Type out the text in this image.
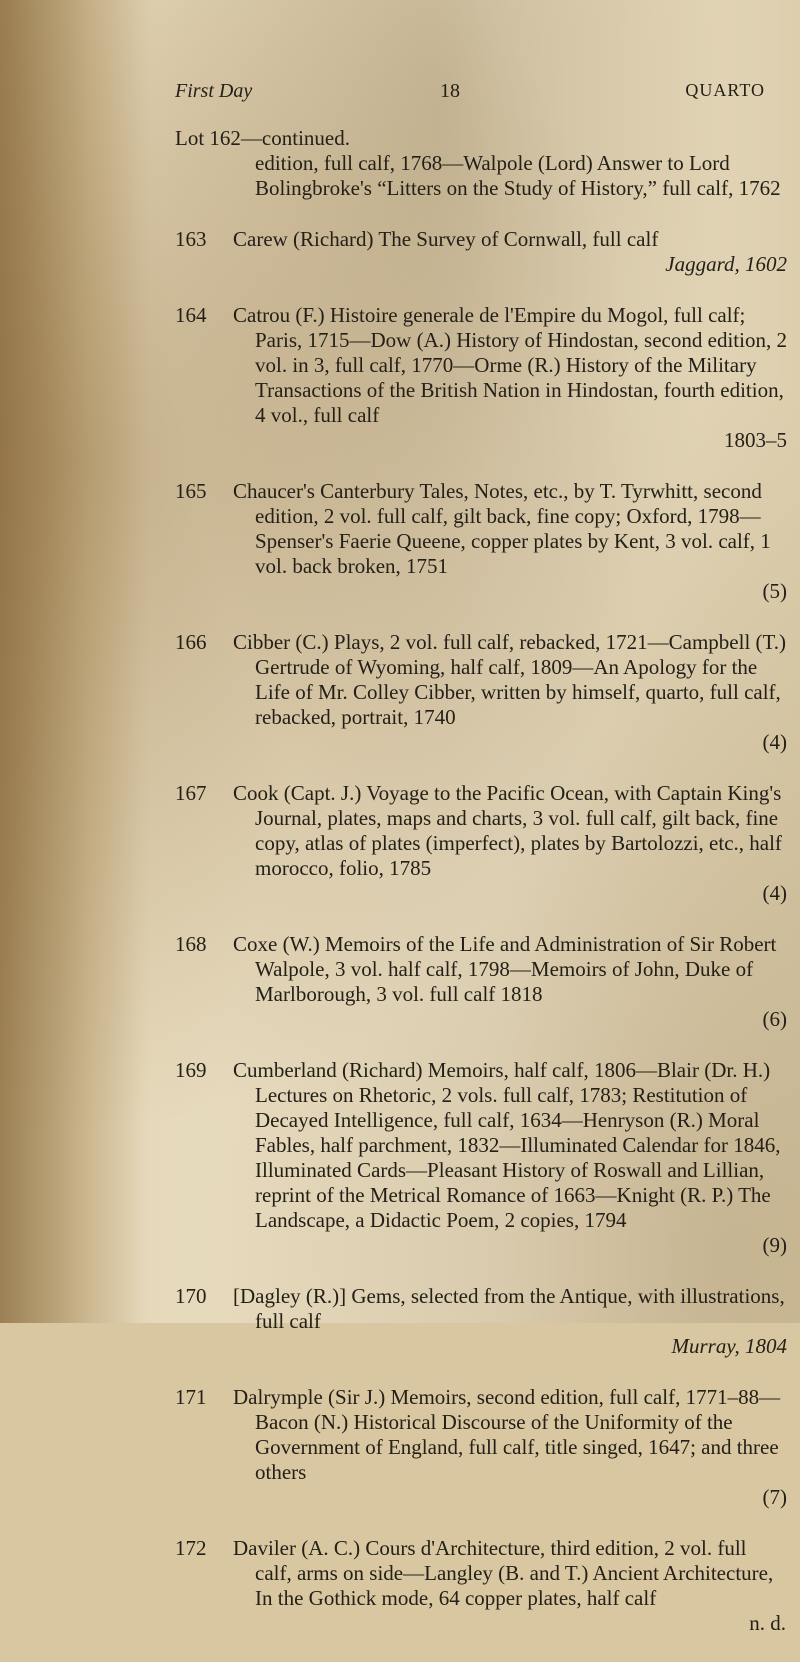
First Day	18	QUARTO
Lot 162—continued.
edition, full calf, 1768—Walpole (Lord) Answer to Lord Bolingbroke's “Litters on the Study of History,” full calf, 1762
163	Carew (Richard) The Survey of Cornwall, full calf
Jaggard, 1602
164	Catrou (F.) Histoire generale de l'Empire du Mogol, full calf; Paris, 1715—Dow (A.) History of Hindostan, second edition, 2 vol. in 3, full calf, 1770—Orme (R.) History of the Military Transactions of the British Nation in Hindostan, fourth edition, 4 vol., full calf
1803–5
165	Chaucer's Canterbury Tales, Notes, etc., by T. Tyrwhitt, second edition, 2 vol. full calf, gilt back, fine copy; Oxford, 1798—Spenser's Faerie Queene, copper plates by Kent, 3 vol. calf, 1 vol. back broken, 1751
(5)
166	Cibber (C.) Plays, 2 vol. full calf, rebacked, 1721—Campbell (T.) Gertrude of Wyoming, half calf, 1809—An Apology for the Life of Mr. Colley Cibber, written by himself, quarto, full calf, rebacked, portrait, 1740
(4)
167	Cook (Capt. J.) Voyage to the Pacific Ocean, with Captain King's Journal, plates, maps and charts, 3 vol. full calf, gilt back, fine copy, atlas of plates (imperfect), plates by Bartolozzi, etc., half morocco, folio, 1785
(4)
168	Coxe (W.) Memoirs of the Life and Administration of Sir Robert Walpole, 3 vol. half calf, 1798—Memoirs of John, Duke of Marlborough, 3 vol. full calf 1818
(6)
169	Cumberland (Richard) Memoirs, half calf, 1806—Blair (Dr. H.) Lectures on Rhetoric, 2 vols. full calf, 1783; Restitution of Decayed Intelligence, full calf, 1634—Henryson (R.) Moral Fables, half parchment, 1832—Illuminated Calendar for 1846, Illuminated Cards—Pleasant History of Roswall and Lillian, reprint of the Metrical Romance of 1663—Knight (R. P.) The Landscape, a Didactic Poem, 2 copies, 1794
(9)
170	[Dagley (R.)] Gems, selected from the Antique, with illustrations, full calf
Murray, 1804
171	Dalrymple (Sir J.) Memoirs, second edition, full calf, 1771–88—Bacon (N.) Historical Discourse of the Uniformity of the Government of England, full calf, title singed, 1647; and three others
(7)
172	Daviler (A. C.) Cours d'Architecture, third edition, 2 vol. full calf, arms on side—Langley (B. and T.) Ancient Architecture, In the Gothick mode, 64 copper plates, half calf
n. d.
